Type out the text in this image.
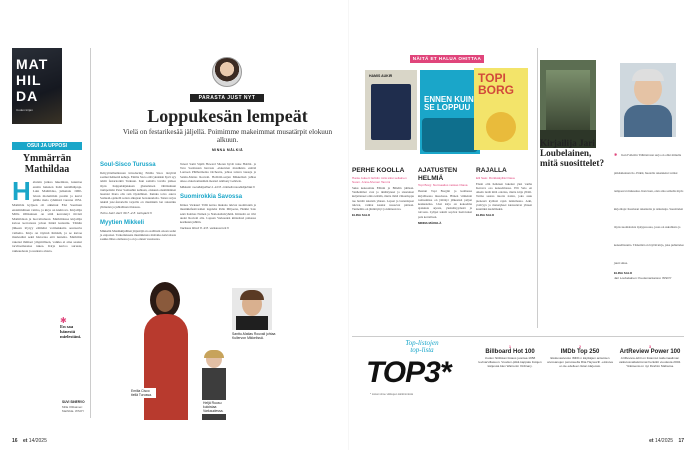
MAT
HIL
DA
Uuden kirjan
OSUI JA UPPOSI
Ymmärrän Mathildaa
H aluisin jutkaa lukemista, kuuntaa ensiin haksien lisää tenäähtäpnja. Luin Mathildaa, julkaistu 1960-luvun molemmin puolin ja kasvi päälle melo ryhmistä vuonna 1952. Mathilda kyljeen oli aikkinut Elsi Saarinen ensimmäinen vaimo, ja kirja on kiehtova. Kirjailija Milla Ollikainen on siitä kerrannyt tiivisti Mathildaan ja luovaltuluosi. Mathildassa kirjailija kuvaa kerrotusta johon häntä kutsuttu. Tämän jälkeen löytyy elämäni voimakkaita seuraavia vaiheita. Kirja on täynnä ihmisiä, ja se kuvaa mielestäni sekä historiaa että tunteita. Mathilda rakensi ihmiset ympärilleen, vaikka ei aina saanut tarvitsemaansa tukea. Kirja kertoo surusta, rakkaudesta ja uudesta alusta.

✱
En saa hänestä mielestäni.
SUVI SINERVO
Milla Ollikainen: Mathilda. WSOY
PARASTA JUST NYT
Loppukesän lempeät
Vielä on festarikesää jäljellä. Poimimme makeimmat musatärpit elokuun alkuun.
MINNA MÄLKIÄ
Soul-Sisco Turussa

Debyyttialbumistaan introducing Emilia Sisco ilotyttää saamut hehkeitä kehuja. Emilia Sisco elää yksinkin hyvä syy tehdä festariretkiä Turkuun. Kun samalla lavalla pääsee myös huippulahjakkaan ghanalaisen tähtilauluun trumpetistin Peter Somuahin kehiaan, elokuun ensimmäinen lauantai iltana olla rein täydellinen. Kuinka toivo auuva Somuah-ojentelli soiton alkujaan borsakuulolta. Turun ravjas tekkää jazz-festariella tarjoilla on musiikkin lon rakastiku ylimielen ja juhlallinen tilaisuus.

Turku Jazz Jazz 30.7.-2.8. turkujazz.fi

Myytien Mikkeli

Mikkelin Musiikkijuhlien järjestäjä on osallinsin otteen sadut ja esipotuet. Tarkoituksena musiikkiasta maltaiko kalevalasta saakka lähes olemassa ja on jo ennen vuosisataa.

Tenori Sami Sipilä Howard Shoren hyvät tulee Hobbit- ja Taru Sormusten herrasta -elokuvien musiikista esittää Lontoon Philharmonia Orchestra, johtaa taitava lausuja ja Santtu-Matias Rouvali. Hobbitti-sarjan Mikkelissä juhlaa aikoo elokuvamusiikin mestari Anthony Gabriele.

Mikkelin musiikkijuhlat 1.-10.8. mikkelinmusiikkijuhlat.fi

Suomirokkia Savossa

Kitkos Varkaus! Tällä kertaa mukana tulevat suomirokin ja musiikkifestivaalien legendat Pelle Miljoona, Heikki Salo sekä Kolmas Nainen ja Nationalistiryhmä. Kiinteää on tiivi uudet Rouvali alla. Lapuan Varkauden kiinteässä paikassa kesäkuun juhliin.

Varkaus Rock 8.-9.8. varkausrock.fi

Emilia Cisco tiellä Turussa.
Heljä Ruusu kuloistaa Varkaudessa.
Santtu-Matias Rouvali johtaa Kullervon Mikkelissä.
NÄITÄ ET HALUA OHITTAA
HAMIS AUKIR
ENNEN KUIN SE LOPPUU
TOPI BORG
PERHE KOOLLA

Hanie Aukert: Eriklin mirä siksi sellainen Suom. Anna Ahonen Tammi

Suku kokoontuu Ellinin ja Bändin juhlaan. Vanhemmat ovat jo ikääntyneet ja sisarukset kuljettaneet omia teitään, mutta tämä viikonloppu tuo heidät takaisin yhteen. Lapset ja lastenlapset tulevat, vanhat kaunat nousevat pintaan. Tunnelma on jännittynyt ja kiinnostava.

ELINA SALO

AJATUSTEN HELMIÄ

Topi Borg: Normaalius raskas Otava

Ihastun Topi Borgiin jo kolmessa kirjallisessa muodossa. Hänen viimeisin romaaninsa on jättänyt jälkeensä paljon keskustelua. Uusi kirja on kokoelma ajatuksia arjesta, yksinäisyydestä ja toivosta. Lyhyet tekstit sopivat luettavaksi pala kerrallaan.

MINNA MÄKELÄ

RAJALLA

Elli Salo: Rörkkäkylliä Otava

Ensin olin hetkisen lukenut yksi vanha Kerrava osa kokoelmassa. Elli Salo en oikein tiedä mitä odottaa, mutta kirja yllätti. Tarina seuraa nuorta naista, joka asuu pienessä kylässä rajan tuntumassa. Arki, ystävyys ja menetykset kietoutuvat yhteen kauniiksi kudelmaksi.

ELINA SALO

Kirjailija Jari Loubelainen, mitä suosittelet?
✱ Ken Follettin Tähtitaivaan sarja on ollut minulle pitkäaikainen ilo. Pitkät, huolella rakennetut tarinat tempaavat mukaansa. Kun luen, olen aina samalla myös kirjoittaja: huomaan rakenteita ja ratkaisuja. Suosittelen myös suomalaista nykyproosaa, jossa on uskallusta ja kokeellisuutta. Tärkeintä on löytää kirja, joka puhuttelee juuri sinua.

ELINA SALO

Jari Loubelainen: Kuolemantanssi. WSOY

Top-listojen
top-lista
TOP3*
* Listat viime viikkojen kärkinimistä
1
Billboard Hot 100

Uuden hittilistan listaus juontaa 1958 levinarvillasuon. Vuoden-pitkä kappale listojen kärjessä Alex Warrenin Ordinary.

2
IMDb Top 250

Elokuvasivusto IMDb:n käyttäjien antamien arvosanojen perusteella Rita Hayworth -elokuva ei ole edelleen listan kärjessä.

3
ArtReview Power 100

ArtReview-lehti on listannut taidemaailman vaikutusvaltaisimmat henkilöt vuodesta 2002. Ykkösenä on nyt Ibrahim Mahama.

16 et 14/2025	et 14/2025 17
